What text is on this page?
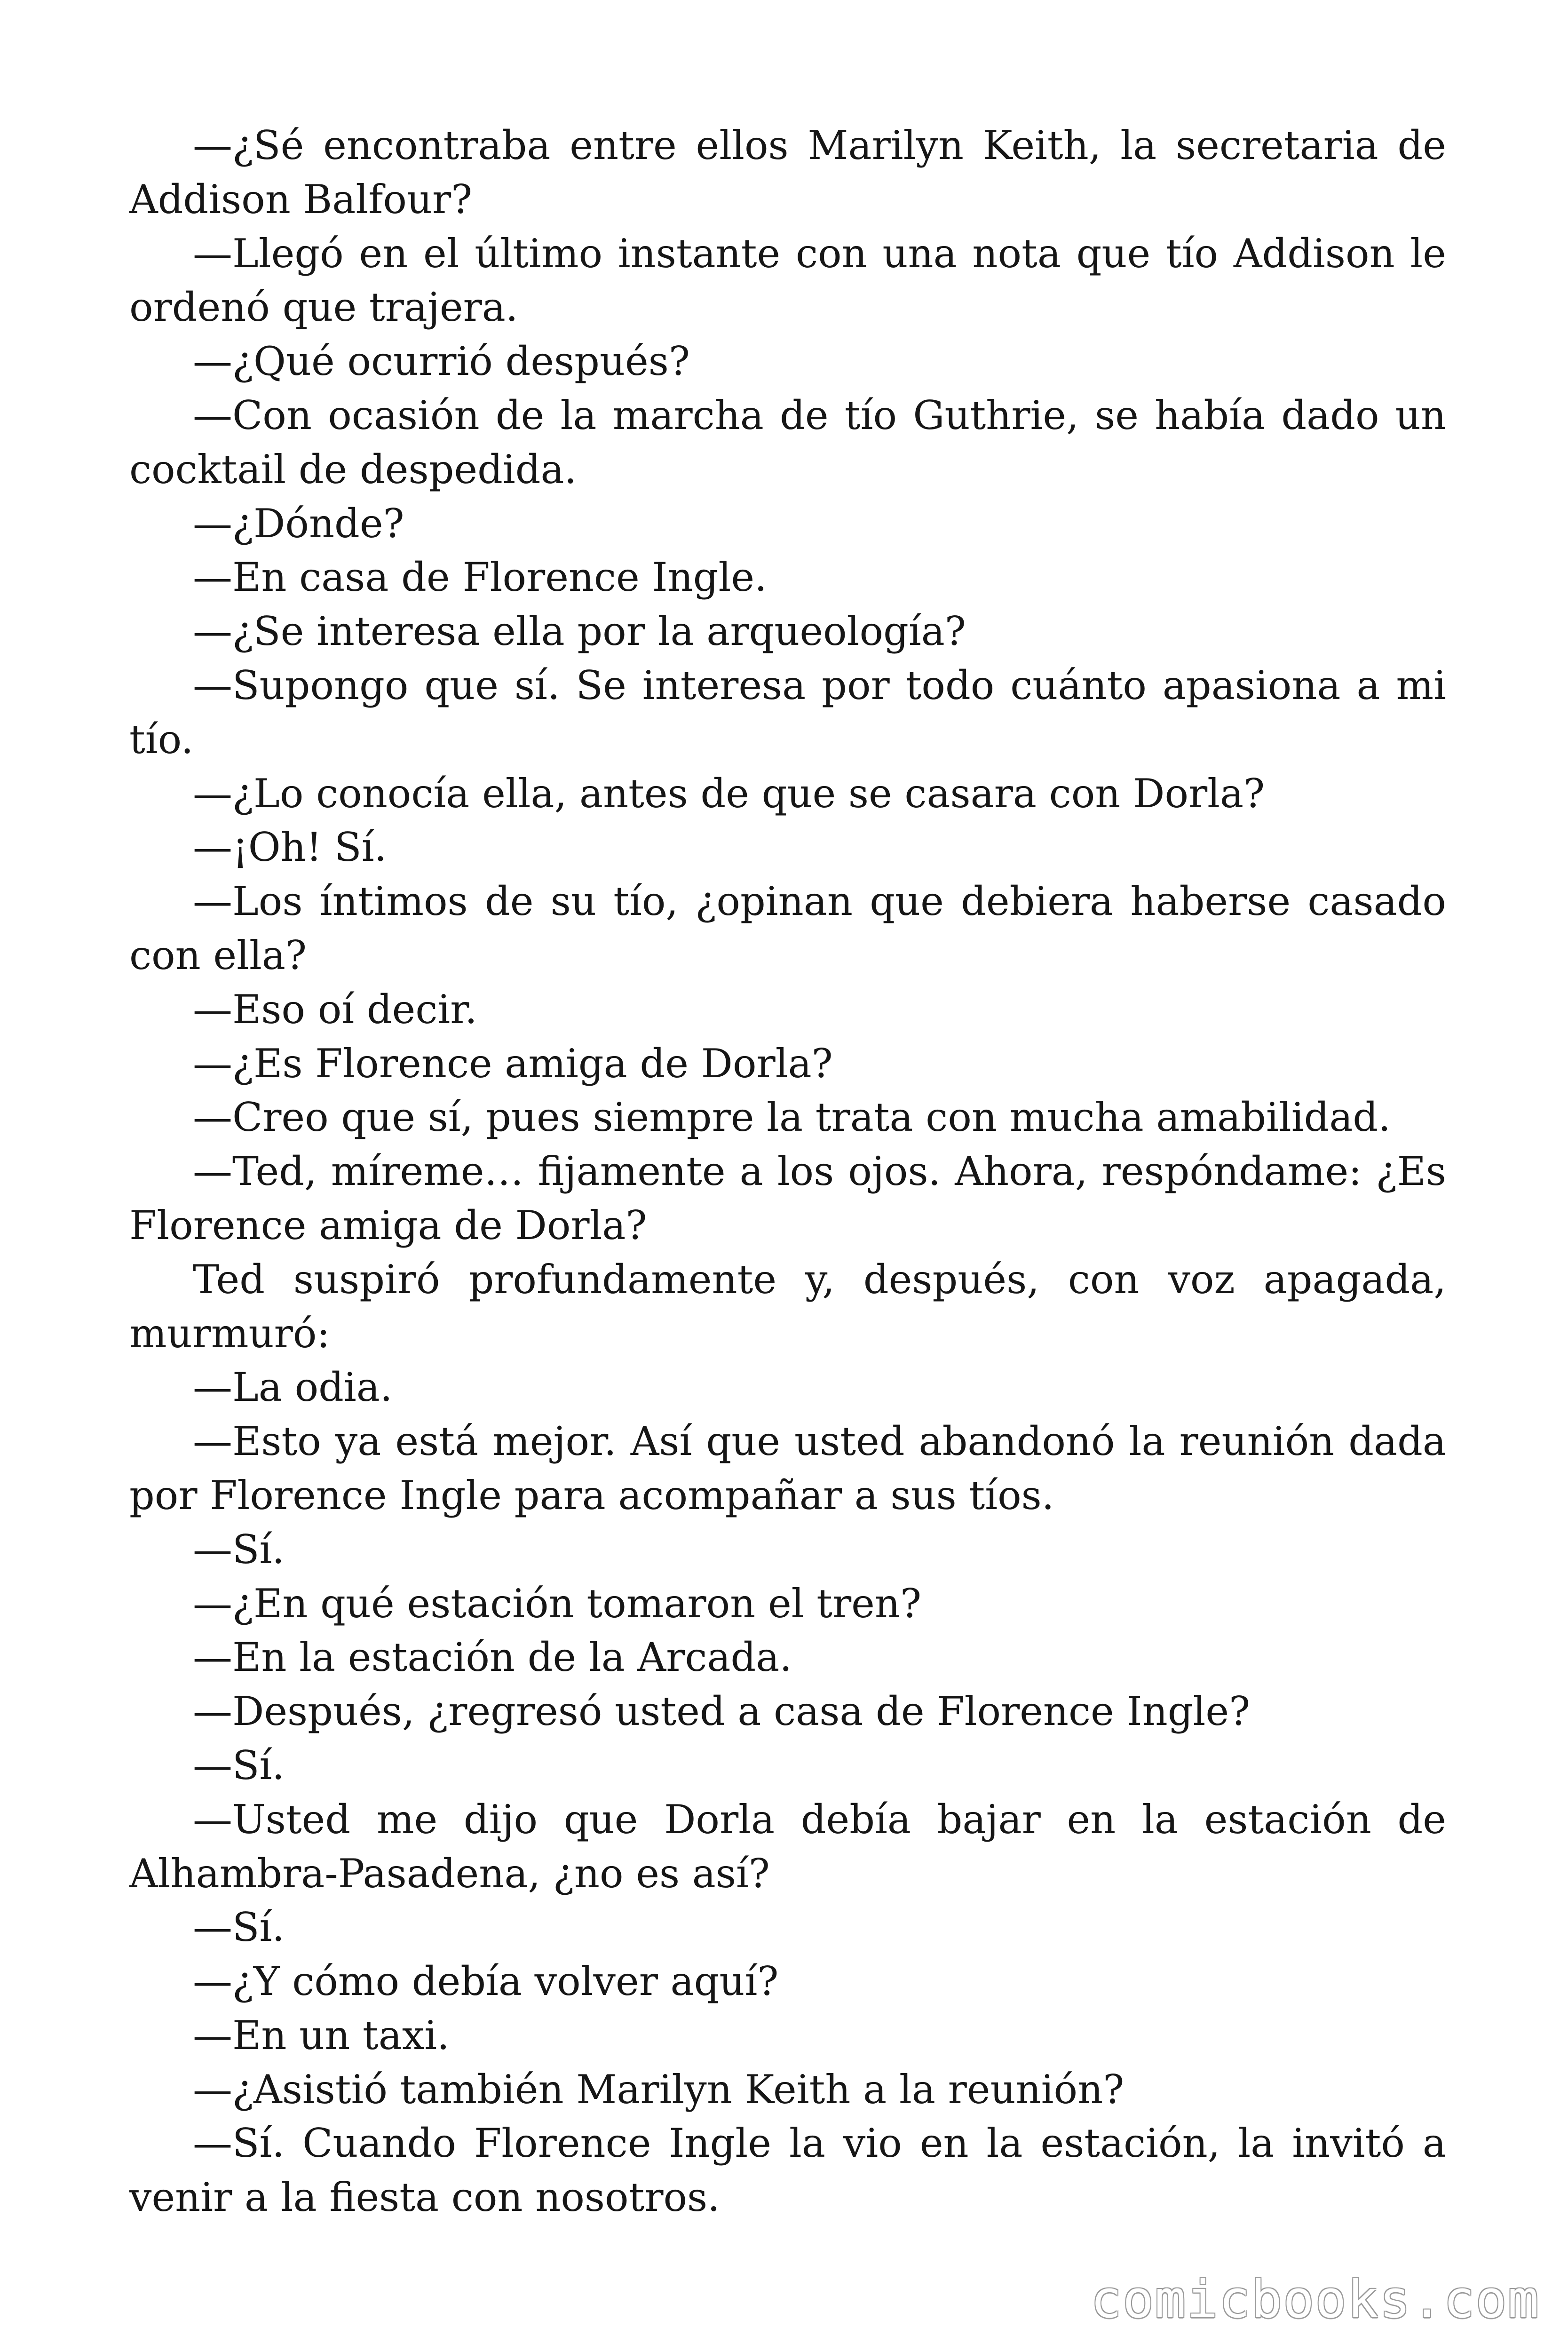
—¿Sé encontraba entre ellos Marilyn Keith, la secretaria de Addison Balfour?

—Llegó en el último instante con una nota que tío Addison le ordenó que trajera.

—¿Qué ocurrió después?

—Con ocasión de la marcha de tío Guthrie, se había dado un cocktail de despedida.

—¿Dónde?

—En casa de Florence Ingle.

—¿Se interesa ella por la arqueología?

—Supongo que sí. Se interesa por todo cuánto apasiona a mi tío.

—¿Lo conocía ella, antes de que se casara con Dorla?

—¡Oh! Sí.

—Los íntimos de su tío, ¿opinan que debiera haberse casado con ella?

—Eso oí decir.

—¿Es Florence amiga de Dorla?

—Creo que sí, pues siempre la trata con mucha amabilidad.

—Ted, míreme… fijamente a los ojos. Ahora, respóndame: ¿Es Florence amiga de Dorla?

Ted suspiró profundamente y, después, con voz apagada, murmuró:

—La odia.

—Esto ya está mejor. Así que usted abandonó la reunión dada por Florence Ingle para acompañar a sus tíos.

—Sí.

—¿En qué estación tomaron el tren?

—En la estación de la Arcada.

—Después, ¿regresó usted a casa de Florence Ingle?

—Sí.

—Usted me dijo que Dorla debía bajar en la estación de Alhambra-Pasadena, ¿no es así?

—Sí.

—¿Y cómo debía volver aquí?

—En un taxi.

—¿Asistió también Marilyn Keith a la reunión?

—Sí. Cuando Florence Ingle la vio en la estación, la invitó a venir a la fiesta con nosotros.

comicbooks.com
